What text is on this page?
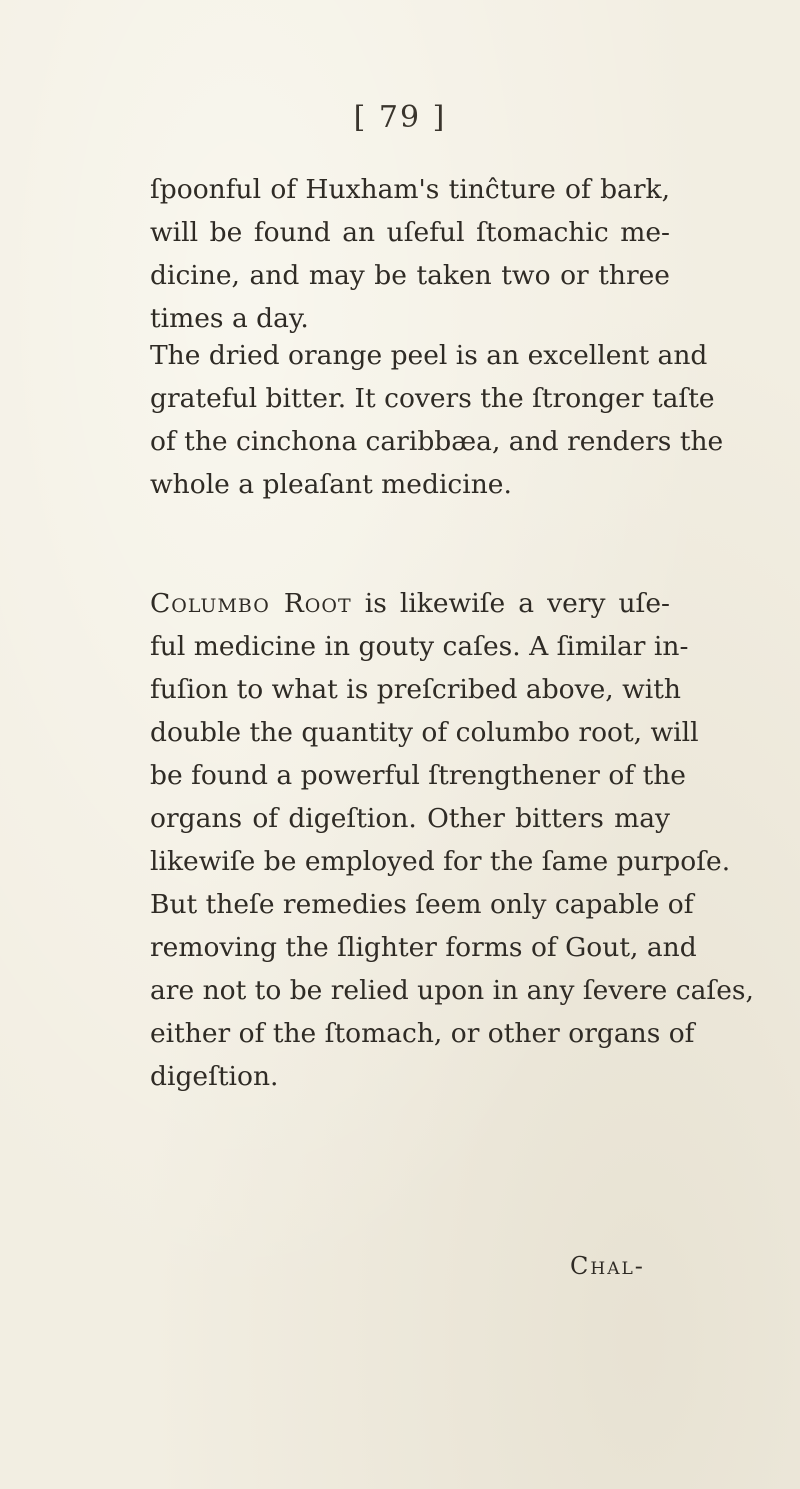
[ 79 ]
ſpoonful of Huxham's tinĉture of bark,
will be found an uſeful ſtomachic me-
dicine, and may be taken two or three
times a day.
The dried orange peel is an excellent and
grateful bitter. It covers the ſtronger taſte
of the cinchona caribbæa, and renders the
whole a pleaſant medicine.
Columbo Root is likewiſe a very uſe-
ful medicine in gouty caſes. A ſimilar in-
fuſion to what is preſcribed above, with
double the quantity of columbo root, will
be found a powerful ſtrengthener of the
organs of digeſtion. Other bitters may
likewiſe be employed for the ſame purpoſe.
But theſe remedies ſeem only capable of
removing the ſlighter forms of Gout, and
are not to be relied upon in any ſevere caſes,
either of the ſtomach, or other organs of
digeſtion.
Chal-
